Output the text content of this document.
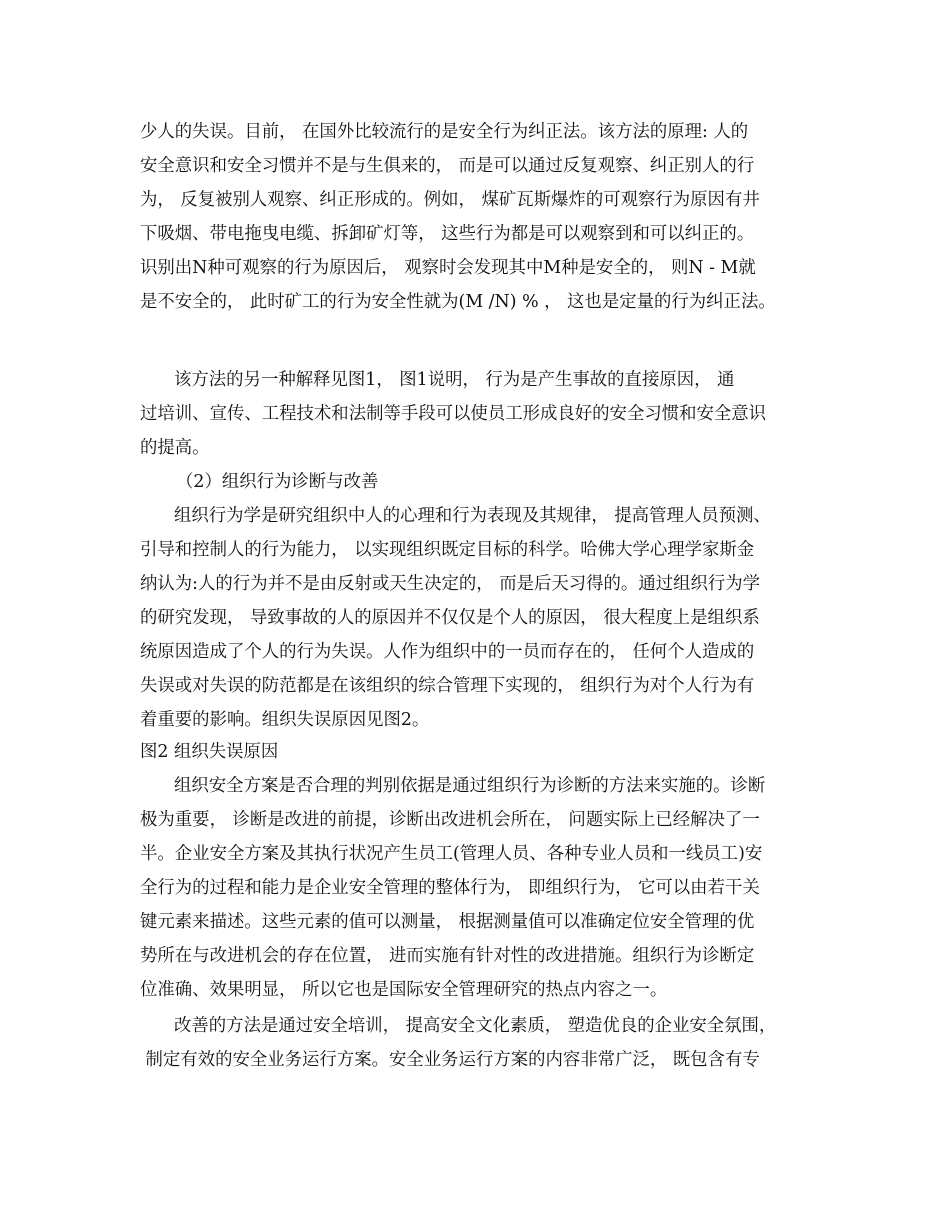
少人的失误。目前， 在国外比较流行的是安全行为纠正法。该方法的原理: 人的
安全意识和安全习惯并不是与生俱来的， 而是可以通过反复观察、纠正别人的行
为， 反复被别人观察、纠正形成的。例如， 煤矿瓦斯爆炸的可观察行为原因有井
下吸烟、带电拖曳电缆、拆卸矿灯等， 这些行为都是可以观察到和可以纠正的。
识别出N种可观察的行为原因后， 观察时会发现其中M种是安全的， 则N - M就
是不安全的， 此时矿工的行为安全性就为(M /N) % ， 这也是定量的行为纠正法。
该方法的另一种解释见图1， 图1说明， 行为是产生事故的直接原因， 通
过培训、宣传、工程技术和法制等手段可以使员工形成良好的安全习惯和安全意识
的提高。
（2）组织行为诊断与改善
组织行为学是研究组织中人的心理和行为表现及其规律， 提高管理人员预测、
引导和控制人的行为能力， 以实现组织既定目标的科学。哈佛大学心理学家斯金
纳认为:人的行为并不是由反射或天生决定的， 而是后天习得的。通过组织行为学
的研究发现， 导致事故的人的原因并不仅仅是个人的原因， 很大程度上是组织系
统原因造成了个人的行为失误。人作为组织中的一员而存在的， 任何个人造成的
失误或对失误的防范都是在该组织的综合管理下实现的， 组织行为对个人行为有
着重要的影响。组织失误原因见图2。
图2 组织失误原因
组织安全方案是否合理的判别依据是通过组织行为诊断的方法来实施的。诊断
极为重要， 诊断是改进的前提，诊断出改进机会所在， 问题实际上已经解决了一
半。企业安全方案及其执行状况产生员工(管理人员、各种专业人员和一线员工)安
全行为的过程和能力是企业安全管理的整体行为， 即组织行为， 它可以由若干关
键元素来描述。这些元素的值可以测量， 根据测量值可以准确定位安全管理的优
势所在与改进机会的存在位置， 进而实施有针对性的改进措施。组织行为诊断定
位准确、效果明显， 所以它也是国际安全管理研究的热点内容之一。
改善的方法是通过安全培训， 提高安全文化素质， 塑造优良的企业安全氛围，
制定有效的安全业务运行方案。安全业务运行方案的内容非常广泛， 既包含有专
